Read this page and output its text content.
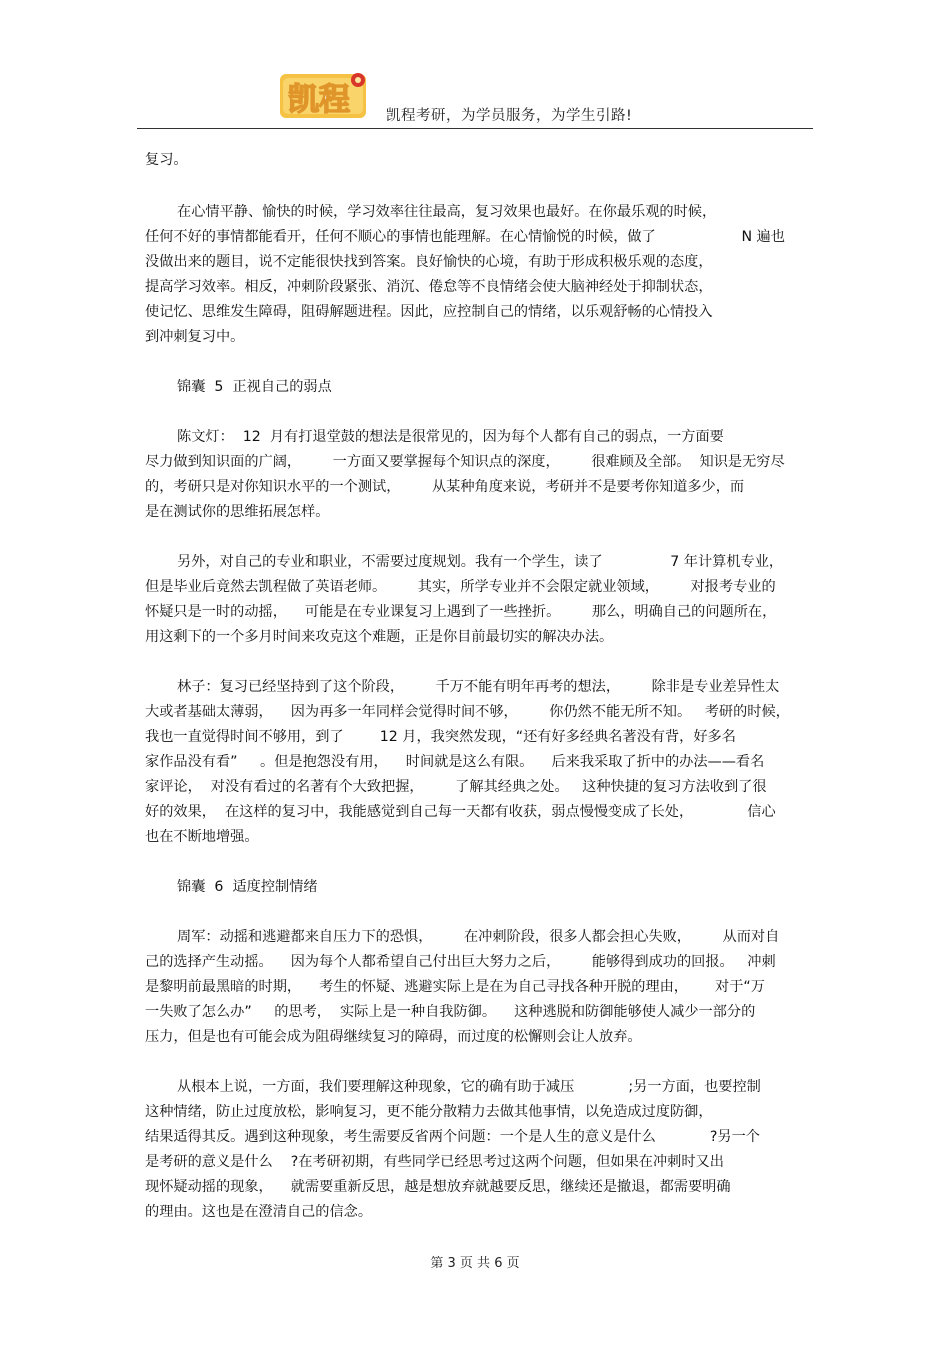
凯程 凯程考研，为学员服务，为学生引路!
复习。
在心情平静、愉快的时候，学习效率往往最高，复习效果也最好。在你最乐观的时候，
任何不好的事情都能看开，任何不顺心的事情也能理解。在心情愉悦的时候，做了                   N 遍也
没做出来的题目，说不定能很快找到答案。良好愉快的心境，有助于形成积极乐观的态度，
提高学习效率。相反，冲刺阶段紧张、消沉、倦怠等不良情绪会使大脑神经处于抑制状态，
使记忆、思维发生障碍，阻碍解题进程。因此，应控制自己的情绪，以乐观舒畅的心情投入
到冲刺复习中。
锦囊  5  正视自己的弱点
陈文灯：  12  月有打退堂鼓的想法是很常见的，因为每个人都有自己的弱点，一方面要
尽力做到知识面的广阔，       一方面又要掌握每个知识点的深度，       很难顾及全部。  知识是无穷尽
的，考研只是对你知识水平的一个测试，       从某种角度来说，考研并不是要考你知道多少，而
是在测试你的思维拓展怎样。
另外，对自己的专业和职业，不需要过度规划。我有一个学生，读了               7 年计算机专业，
但是毕业后竟然去凯程做了英语老师。       其实，所学专业并不会限定就业领域，       对报考专业的
怀疑只是一时的动摇，    可能是在专业课复习上遇到了一些挫折。       那么，明确自己的问题所在，
用这剩下的一个多月时间来攻克这个难题，正是你目前最切实的解决办法。
林子：复习已经坚持到了这个阶段，       千万不能有明年再考的想法，       除非是专业差异性太
大或者基础太薄弱，    因为再多一年同样会觉得时间不够，       你仍然不能无所不知。   考研的时候，
我也一直觉得时间不够用，到了        12 月，我突然发现，“还有好多经典名著没有背，好多名
家作品没有看”     。但是抱怨没有用，    时间就是这么有限。    后来我采取了折中的办法——看名
家评论，  对没有看过的名著有个大致把握，       了解其经典之处。   这种快捷的复习方法收到了很
好的效果，  在这样的复习中，我能感觉到自己每一天都有收获，弱点慢慢变成了长处，            信心
也在不断地增强。
锦囊  6  适度控制情绪
周军：动摇和逃避都来自压力下的恐惧，       在冲刺阶段，很多人都会担心失败，       从而对自
己的选择产生动摇。    因为每个人都希望自己付出巨大努力之后，       能够得到成功的回报。   冲刺
是黎明前最黑暗的时期，    考生的怀疑、逃避实际上是在为自己寻找各种开脱的理由，      对于“万
一失败了怎么办”     的思考，  实际上是一种自我防御。    这种逃脱和防御能够使人减少一部分的
压力，但是也有可能会成为阻碍继续复习的障碍，而过度的松懈则会让人放弃。
从根本上说，一方面，我们要理解这种现象，它的确有助于减压            ;另一方面，也要控制
这种情绪，防止过度放松，影响复习，更不能分散精力去做其他事情，以免造成过度防御，
结果适得其反。遇到这种现象，考生需要反省两个问题：一个是人生的意义是什么            ?另一个
是考研的意义是什么    ?在考研初期，有些同学已经思考过这两个问题，但如果在冲刺时又出
现怀疑动摇的现象，    就需要重新反思，越是想放弃就越要反思，继续还是撤退，都需要明确
的理由。这也是在澄清自己的信念。
第 3 页 共 6 页
